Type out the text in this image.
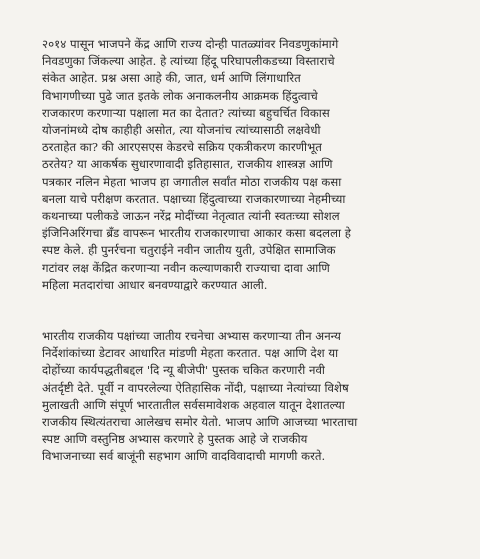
२०१४ पासून भाजपने केंद्र आणि राज्य दोन्ही पातळ्यांवर निवडणुकांमागे
निवडणुका जिंकल्या आहेत. हे त्यांच्या हिंदू परिघापलीकडच्या विस्ताराचे
संकेत आहेत. प्रश्न असा आहे की, जात, धर्म आणि लिंगाधारित
विभागणीच्या पुढे जात इतके लोक अनाकलनीय आक्रमक हिंदुत्वाचे
राजकारण करणाऱ्या पक्षाला मत का देतात? त्यांच्या बहुचर्चित विकास
योजनांमध्ये दोष काहीही असोत, त्या योजनांच त्यांच्यासाठी लक्षवेधी
ठरताहेत का? की आरएसएस केडरचे सक्रिय एकत्रीकरण कारणीभूत
ठरतेय? या आकर्षक सुधारणावादी इतिहासात, राजकीय शास्त्रज्ञ आणि
पत्रकार नलिन मेहता भाजप हा जगातील सर्वांत मोठा राजकीय पक्ष कसा
बनला याचे परीक्षण करतात. पक्षाच्या हिंदुत्वाच्या राजकारणाच्या नेहमीच्या
कथनाच्या पलीकडे जाऊन नरेंद्र मोदींच्या नेतृत्वात त्यांनी स्वतःच्या सोशल
इंजिनिअरिंगचा ब्रँड वापरून भारतीय राजकारणाचा आकार कसा बदलला हे
स्पष्ट केले. ही पुनर्रचना चतुराईने नवीन जातीय युती, उपेक्षित सामाजिक
गटांवर लक्ष केंद्रित करणाऱ्या नवीन कल्याणकारी राज्याचा दावा आणि
महिला मतदारांचा आधार बनवण्याद्वारे करण्यात आली.
भारतीय राजकीय पक्षांच्या जातीय रचनेचा अभ्यास करणाऱ्या तीन अनन्य
निर्देशांकांच्या डेटावर आधारित मांडणी मेहता करतात. पक्ष आणि देश या
दोहोंच्या कार्यपद्धतीबद्दल 'दि न्यू बीजेपी' पुस्तक चकित करणारी नवी
अंतर्दृष्टी देते. पूर्वी न वापरलेल्या ऐतिहासिक नोंदी, पक्षाच्या नेत्यांच्या विशेष
मुलाखती आणि संपूर्ण भारतातील सर्वसमावेशक अहवाल यातून देशातल्या
राजकीय स्थित्यंतराचा आलेखच समोर येतो. भाजप आणि आजच्या भारताचा
स्पष्ट आणि वस्तुनिष्ठ अभ्यास करणारे हे पुस्तक आहे जे राजकीय
विभाजनाच्या सर्व बाजूंनी सहभाग आणि वादविवादाची मागणी करते.
